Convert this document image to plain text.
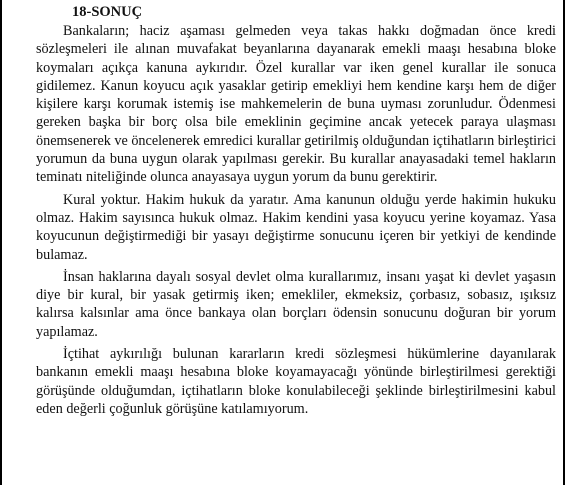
18-SONUÇ

Bankaların; haciz aşaması gelmeden veya takas hakkı doğmadan önce kredi sözleşmeleri ile alınan muvafakat beyanlarına dayanarak emekli maaşı hesabına bloke koymaları açıkça kanuna aykırıdır. Özel kurallar var iken genel kurallar ile sonuca gidilemez. Kanun koyucu açık yasaklar getirip emekliyi hem kendine karşı hem de diğer kişilere karşı korumak istemiş ise mahkemelerin de buna uyması zorunludur. Ödenmesi gereken başka bir borç olsa bile emeklinin geçimine ancak yetecek paraya ulaşması önemsenerek ve öncelenerek emredici kurallar getirilmiş olduğundan içtihatların birleştirici yorumun da buna uygun olarak yapılması gerekir. Bu kurallar anayasadaki temel hakların teminatı niteliğinde olunca anayasaya uygun yorum da bunu gerektirir.

Kural yoktur. Hakim hukuk da yaratır. Ama kanunun olduğu yerde hakimin hukuku olmaz. Hakim sayısınca hukuk olmaz. Hakim kendini yasa koyucu yerine koyamaz. Yasa koyucunun değiştirmediği bir yasayı değiştirme sonucunu içeren bir yetkiyi de kendinde bulamaz.

İnsan haklarına dayalı sosyal devlet olma kurallarımız, insanı yaşat ki devlet yaşasın diye bir kural, bir yasak getirmiş iken; emekliler, ekmeksiz, çorbasız, sobasız, ışıksız kalırsa kalsınlar ama önce bankaya olan borçları ödensin sonucunu doğuran bir yorum yapılamaz.

İçtihat aykırılığı bulunan kararların kredi sözleşmesi hükümlerine dayanılarak bankanın emekli maaşı hesabına bloke koyamayacağı yönünde birleştirilmesi gerektiği görüşünde olduğumdan, içtihatların bloke konulabileceği şeklinde birleştirilmesini kabul eden değerli çoğunluk görüşüne katılamıyorum.
